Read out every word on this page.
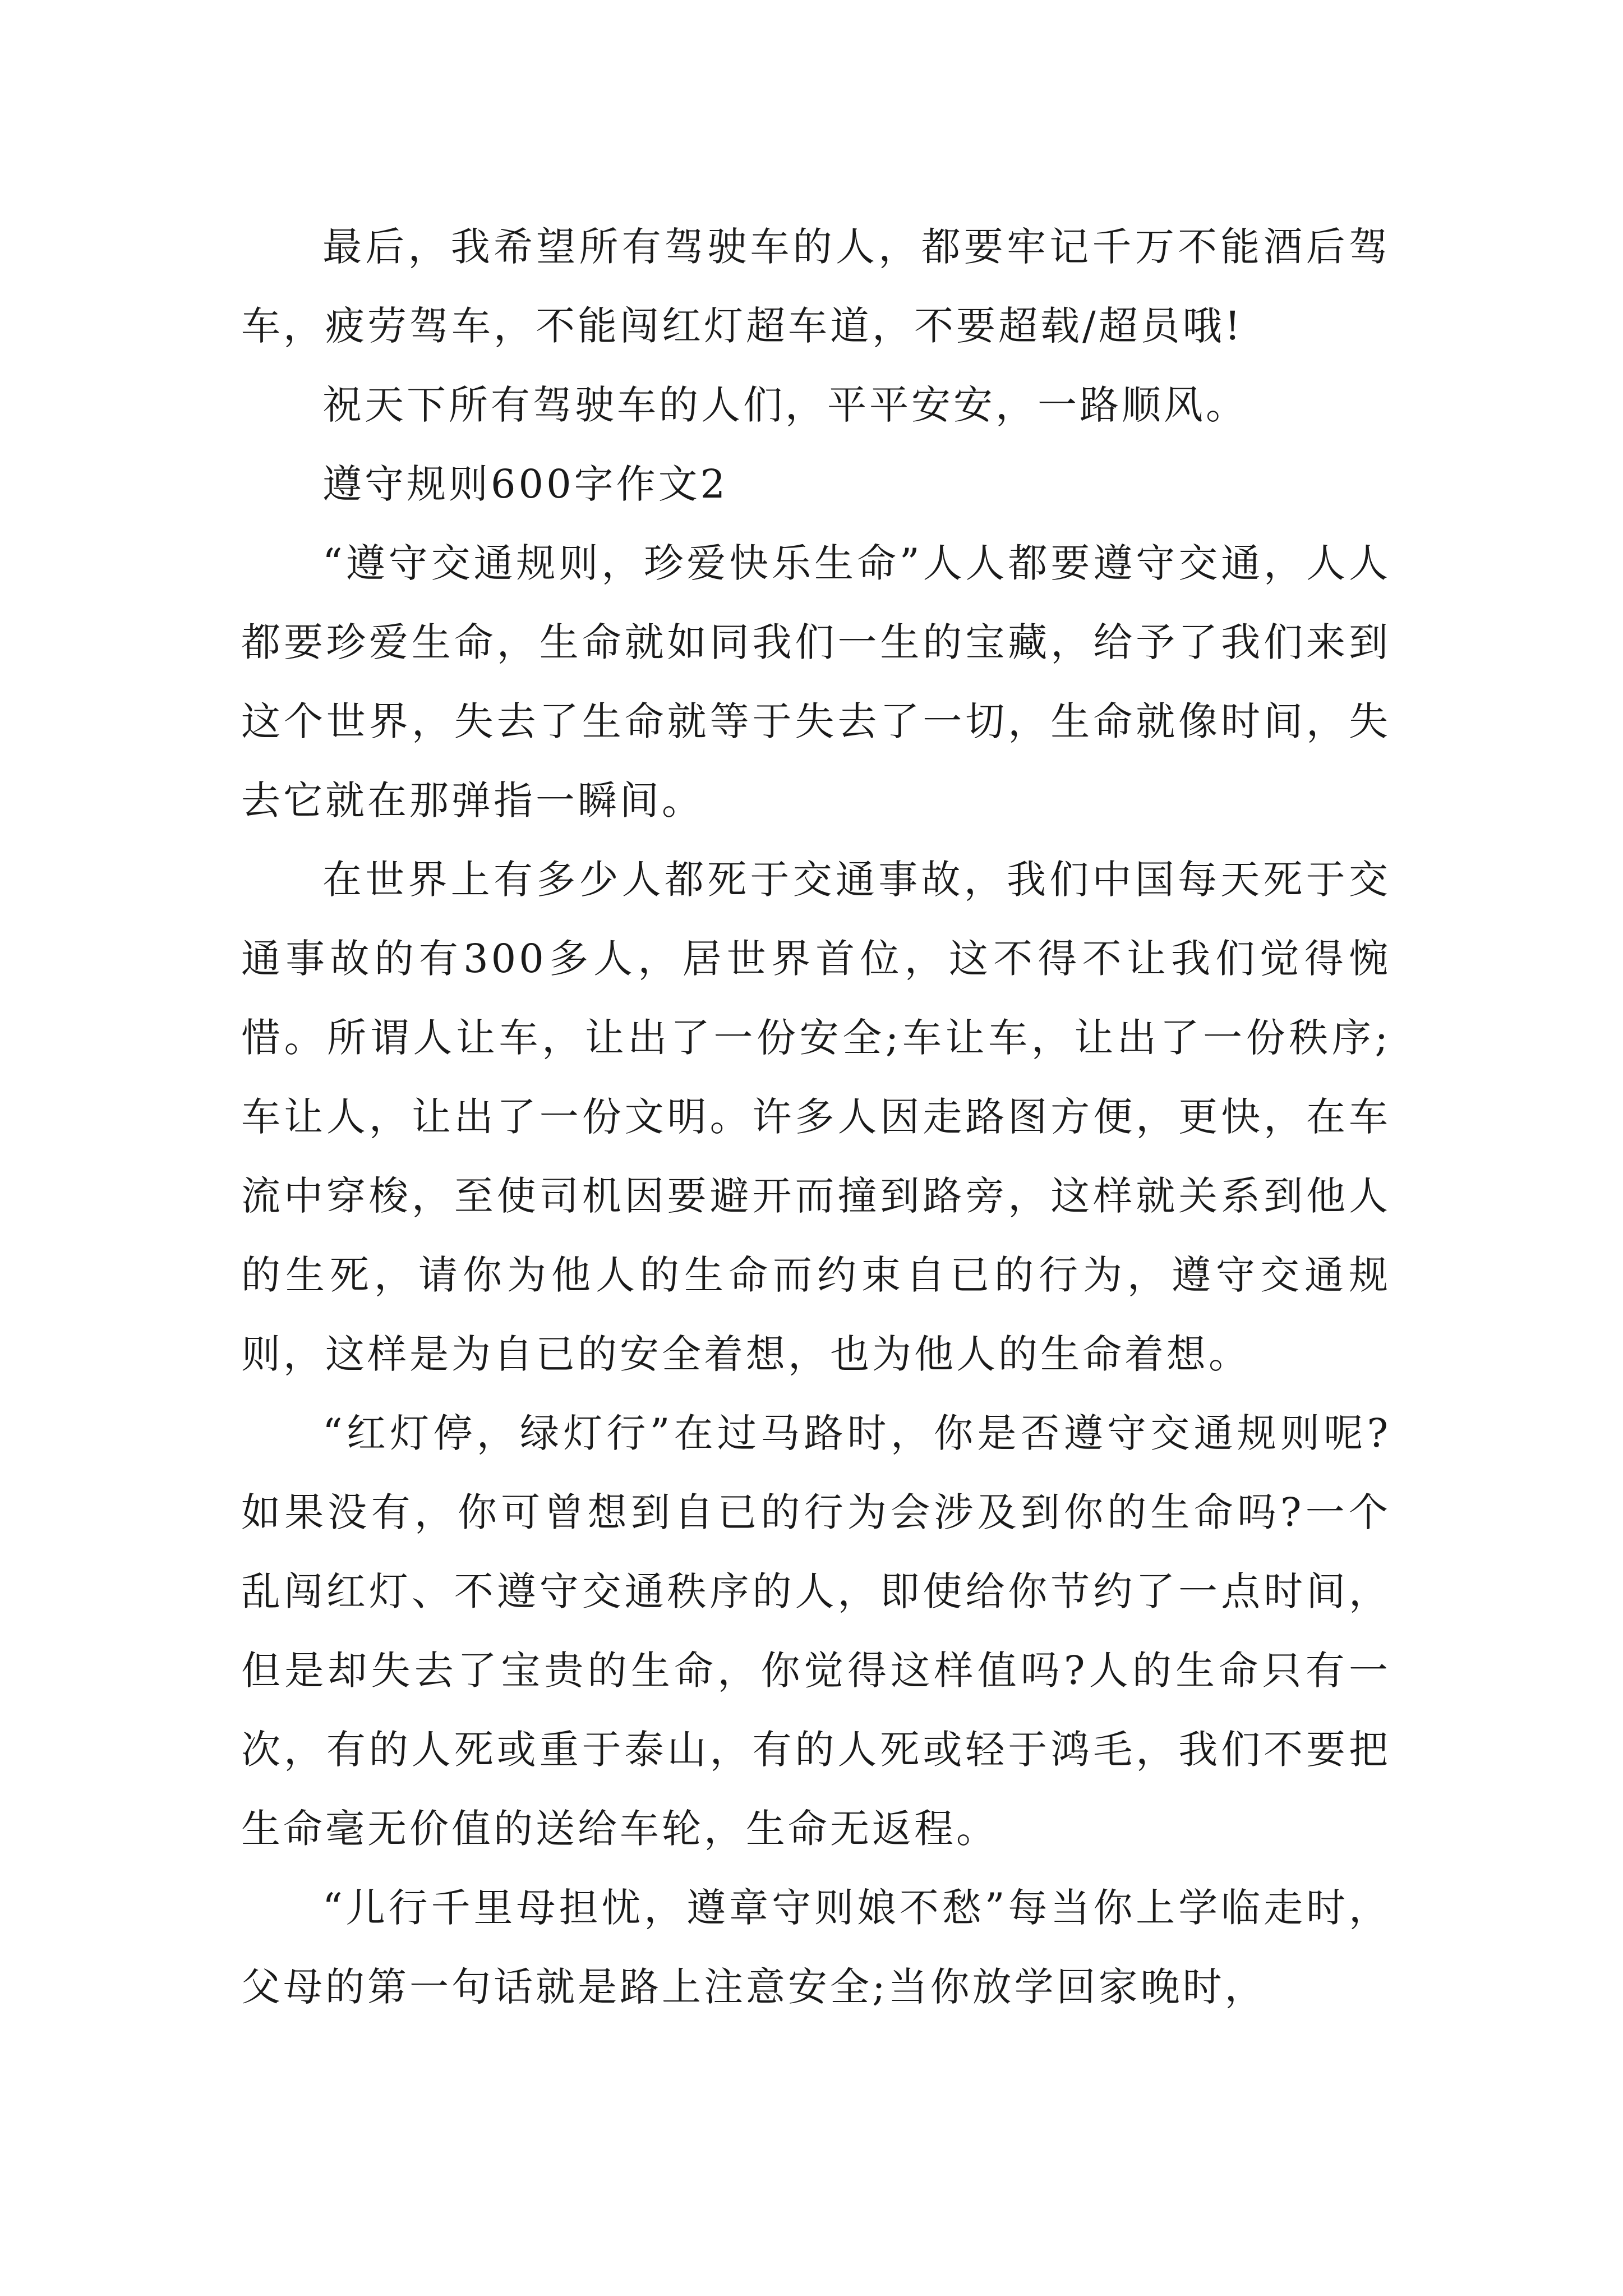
最后，我希望所有驾驶车的人，都要牢记千万不能酒后驾车，疲劳驾车，不能闯红灯超车道，不要超载/超员哦!

祝天下所有驾驶车的人们，平平安安，一路顺风。

遵守规则600字作文2

“遵守交通规则，珍爱快乐生命”人人都要遵守交通，人人都要珍爱生命，生命就如同我们一生的宝藏，给予了我们来到这个世界，失去了生命就等于失去了一切，生命就像时间，失去它就在那弹指一瞬间。

在世界上有多少人都死于交通事故，我们中国每天死于交通事故的有300多人，居世界首位，这不得不让我们觉得惋惜。所谓人让车，让出了一份安全;车让车，让出了一份秩序;车让人，让出了一份文明。许多人因走路图方便，更快，在车流中穿梭，至使司机因要避开而撞到路旁，这样就关系到他人的生死，请你为他人的生命而约束自已的行为，遵守交通规则，这样是为自已的安全着想，也为他人的生命着想。

“红灯停，绿灯行”在过马路时，你是否遵守交通规则呢?如果没有，你可曾想到自已的行为会涉及到你的生命吗?一个乱闯红灯、不遵守交通秩序的人，即使给你节约了一点时间，但是却失去了宝贵的生命，你觉得这样值吗?人的生命只有一次，有的人死或重于泰山，有的人死或轻于鸿毛，我们不要把生命毫无价值的送给车轮，生命无返程。

“儿行千里母担忧，遵章守则娘不愁”每当你上学临走时，父母的第一句话就是路上注意安全;当你放学回家晚时，
